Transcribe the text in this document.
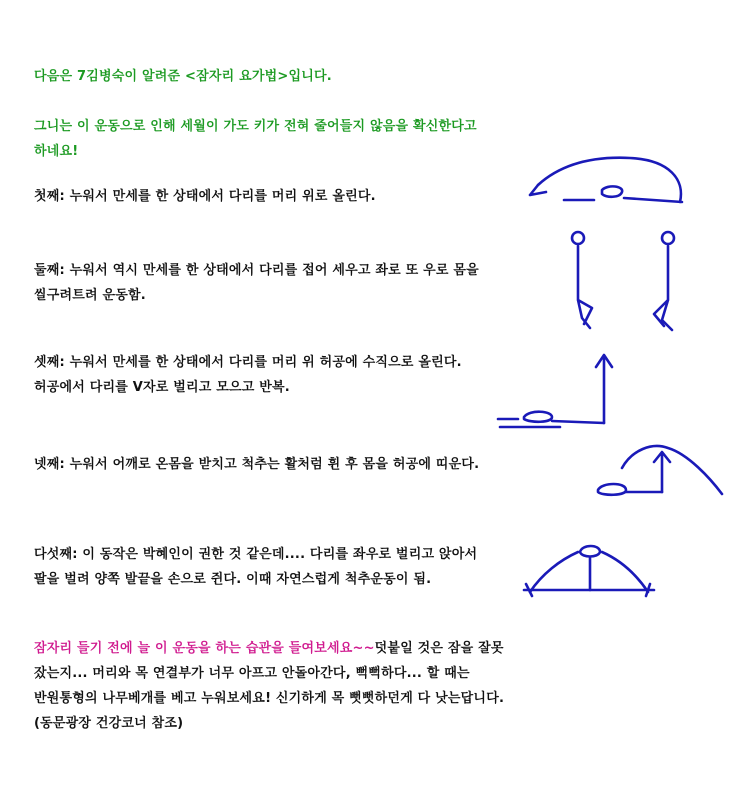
다음은 7김병숙이 알려준 <잠자리 요가법>입니다.
그니는 이 운동으로 인해 세월이 가도 키가 전혀 줄어들지 않음을 확신한다고 하네요!
첫째: 누워서 만세를 한 상태에서 다리를 머리 위로 올린다.
둘째: 누워서 역시 만세를 한 상태에서 다리를 접어 세우고 좌로 또 우로 몸을 씰구려트려 운동함.
셋째: 누워서 만세를 한 상태에서 다리를 머리 위 허공에 수직으로 올린다. 허공에서 다리를 V자로 벌리고 모으고 반복.
넷째: 누워서 어깨로 온몸을 받치고 척추는 활처럼 휜 후 몸을 허공에 띠운다.
다섯째: 이 동작은 박혜인이 권한 것 같은데.... 다리를 좌우로 벌리고 앉아서 팔을 벌려 양쪽 발끝을 손으로 쥔다. 이때 자연스럽게 척추운동이 됨.
잠자리 들기 전에 늘 이 운동을 하는 습관을 들여보세요~~덧붙일 것은 잠을 잘못 잤는지... 머리와 목 연결부가 너무 아프고 안돌아간다, 뻑뻑하다... 할 때는 반원통형의 나무베개를 베고 누워보세요! 신기하게 목 뻣뻣하던게 다 낫는답니다. (동문광장 건강코너 참조)
